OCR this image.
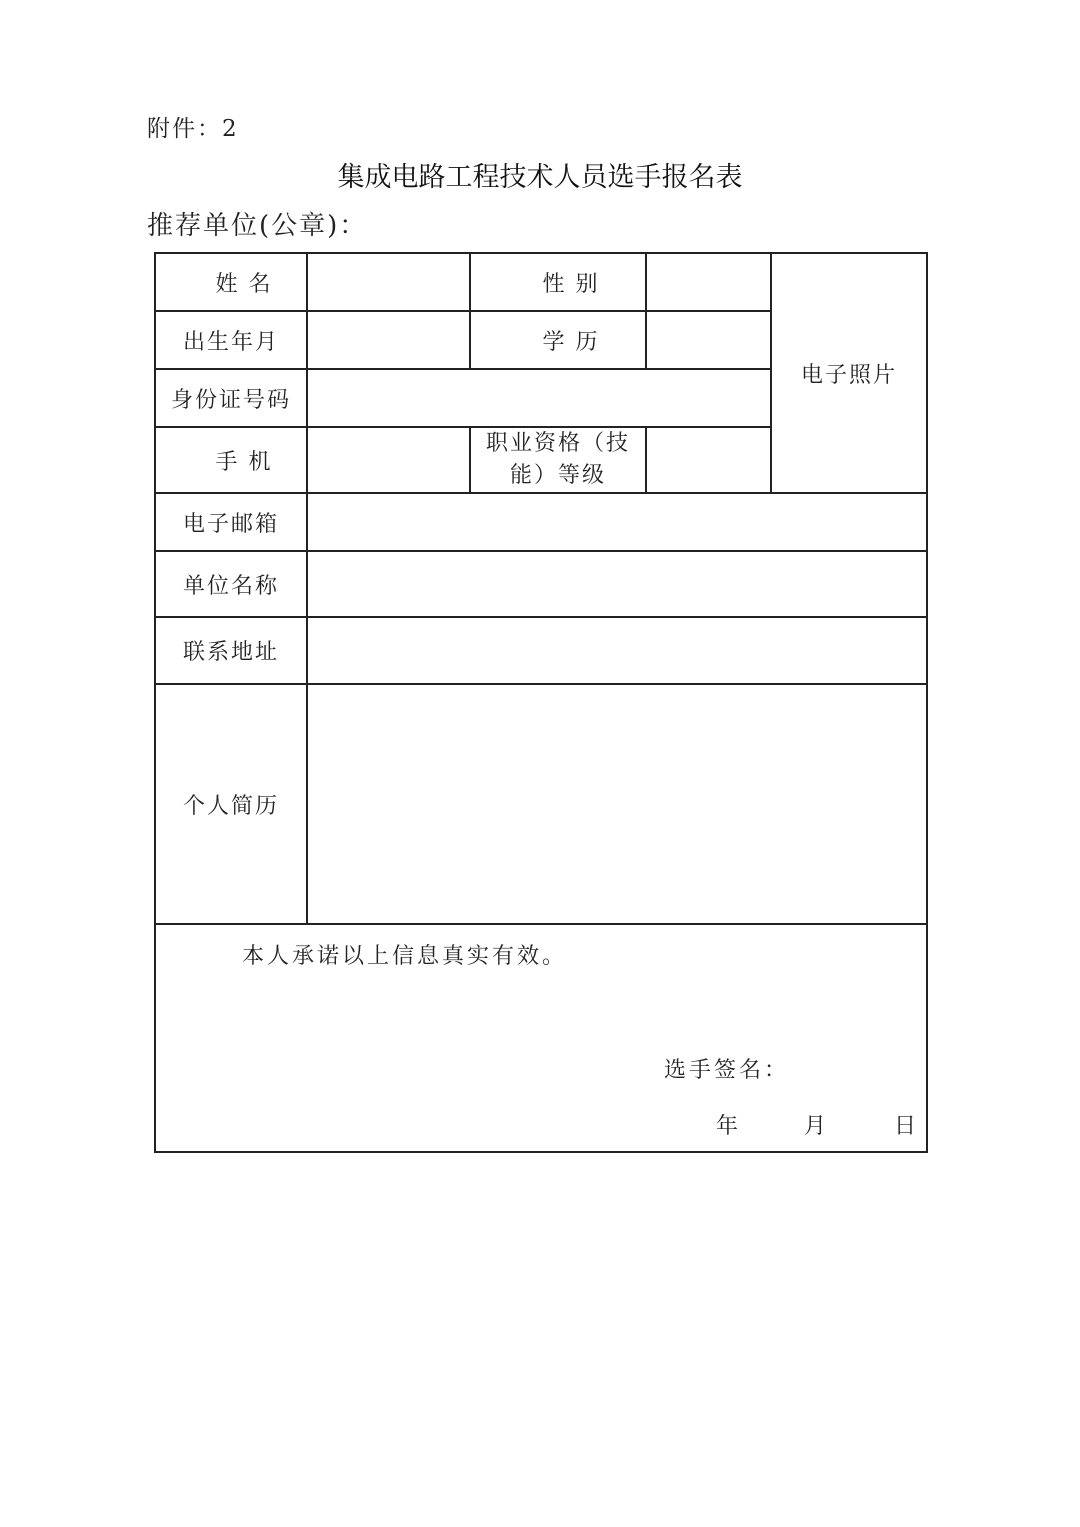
附件：2
集成电路工程技术人员选手报名表
推荐单位(公章)：
姓 名		性 别		电子照片
出生年月		学 历		
身份证号码				
手 机		职业资格（技
能）等级		

电子邮箱				
单位名称				
联系地址				
个人简历				

本人承诺以上信息真实有效。
选手签名：
年 月 日				
